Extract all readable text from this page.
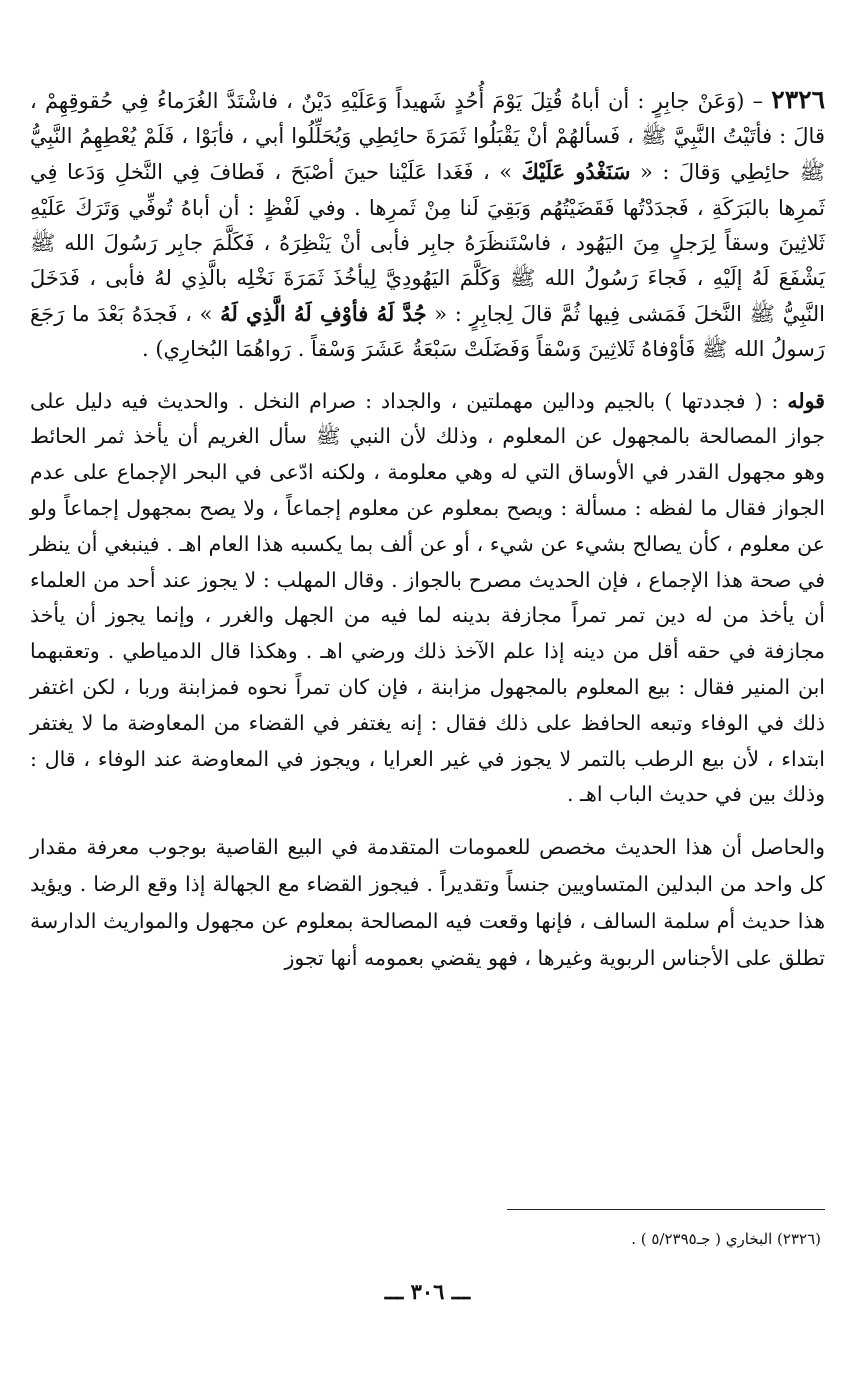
٢٣٢٦ – (وَعَنْ جابِرٍ : أن أباهُ قُتِلَ يَوْمَ أُحُدٍ شَهيداً وَعَلَيْهِ دَيْنٌ ، فاشْتَدَّ الغُرَماءُ فِي حُقوقِهِمْ ، قالَ : فأتَيْتُ النَّبِيَّ ﷺ ، فَسألهُمْ أنْ يَقْبَلُوا ثَمَرَةَ حائِطِي وَيُحَلِّلُوا أبي ، فأبَوْا ، فَلَمْ يُعْطِهِمُ النَّبِيُّ ﷺ حائِطِي وَقالَ : « سَنَغْدُو عَلَيْكَ » ، فَغَدا عَلَيْنا حينَ أصْبَحَ ، فَطافَ فِي النَّخلِ وَدَعا فِي ثَمرِها بالبَرَكَةِ ، فَجدَدْتُها فَقَضَيْتُهُم وَبَقِيَ لَنا مِنْ ثَمرِها . وفي لَفْظٍ : أن أباهُ تُوفِّي وَتَرَكَ عَلَيْهِ ثَلاثِينَ وسقاً لِرَجلٍ مِنَ اليَهُود ، فاسْتَنظَرَهُ جابِر فأبى أنْ يَنْظِرَهُ ، فَكَلَّمَ جابِر رَسُولَ الله ﷺ يَشْفَعَ لَهُ إلَيْهِ ، فَجاءَ رَسُولُ الله ﷺ وَكَلَّمَ اليَهُودِيَّ لِيأخُذَ ثَمَرَةَ نَخْلِه بالَّذِي لهُ فأبى ، فَدَخَلَ النَّبِيُّ ﷺ النَّخلَ فَمَشى فِيها ثُمَّ قالَ لِجابِرٍ : « جُدَّ لَهُ فأوْفِ لَهُ الَّذِي لَهُ » ، فَجدَهُ بَعْدَ ما رَجَعَ رَسولُ الله ﷺ فَأوْفاهُ ثَلاثِينَ وَسْقاً وَفَضَلَتْ سَبْعَةُ عَشَرَ وَسْقاً . رَواهُمَا البُخارِي) .

قوله : ( فجددتها ) بالجيم ودالين مهملتين ، والجداد : صرام النخل . والحديث فيه دليل على جواز المصالحة بالمجهول عن المعلوم ، وذلك لأن النبي ﷺ سأل الغريم أن يأخذ ثمر الحائط وهو مجهول القدر في الأوساق التي له وهي معلومة ، ولكنه ادّعى في البحر الإجماع على عدم الجواز فقال ما لفظه : مسألة : ويصح بمعلوم عن معلوم إجماعاً ، ولا يصح بمجهول إجماعاً ولو عن معلوم ، كأن يصالح بشيء عن شيء ، أو عن ألف بما يكسبه هذا العام اهـ . فينبغي أن ينظر في صحة هذا الإجماع ، فإن الحديث مصرح بالجواز . وقال المهلب : لا يجوز عند أحد من العلماء أن يأخذ من له دين تمر تمراً مجازفة بدينه لما فيه من الجهل والغرر ، وإنما يجوز أن يأخذ مجازفة في حقه أقل من دينه إذا علم الآخذ ذلك ورضي اهـ . وهكذا قال الدمياطي . وتعقبهما ابن المنير فقال : بيع المعلوم بالمجهول مزابنة ، فإن كان تمراً نحوه فمزابنة وربا ، لكن اغتفر ذلك في الوفاء وتبعه الحافظ على ذلك فقال : إنه يغتفر في القضاء من المعاوضة ما لا يغتفر ابتداء ، لأن بيع الرطب بالتمر لا يجوز في غير العرايا ، ويجوز في المعاوضة عند الوفاء ، قال : وذلك بين في حديث الباب اهـ .

والحاصل أن هذا الحديث مخصص للعمومات المتقدمة في البيع القاصية بوجوب معرفة مقدار كل واحد من البدلين المتساويين جنساً وتقديراً . فيجوز القضاء مع الجهالة إذا وقع الرضا . ويؤيد هذا حديث أم سلمة السالف ، فإنها وقعت فيه المصالحة بمعلوم عن مجهول والمواريث الدارسة تطلق على الأجناس الربوية وغيرها ، فهو يقضي بعمومه أنها تجوز

(٢٣٢٦) البخاري ( جـ٥/٢٣٩٥ ) .
ـــ ٣٠٦ ـــ
